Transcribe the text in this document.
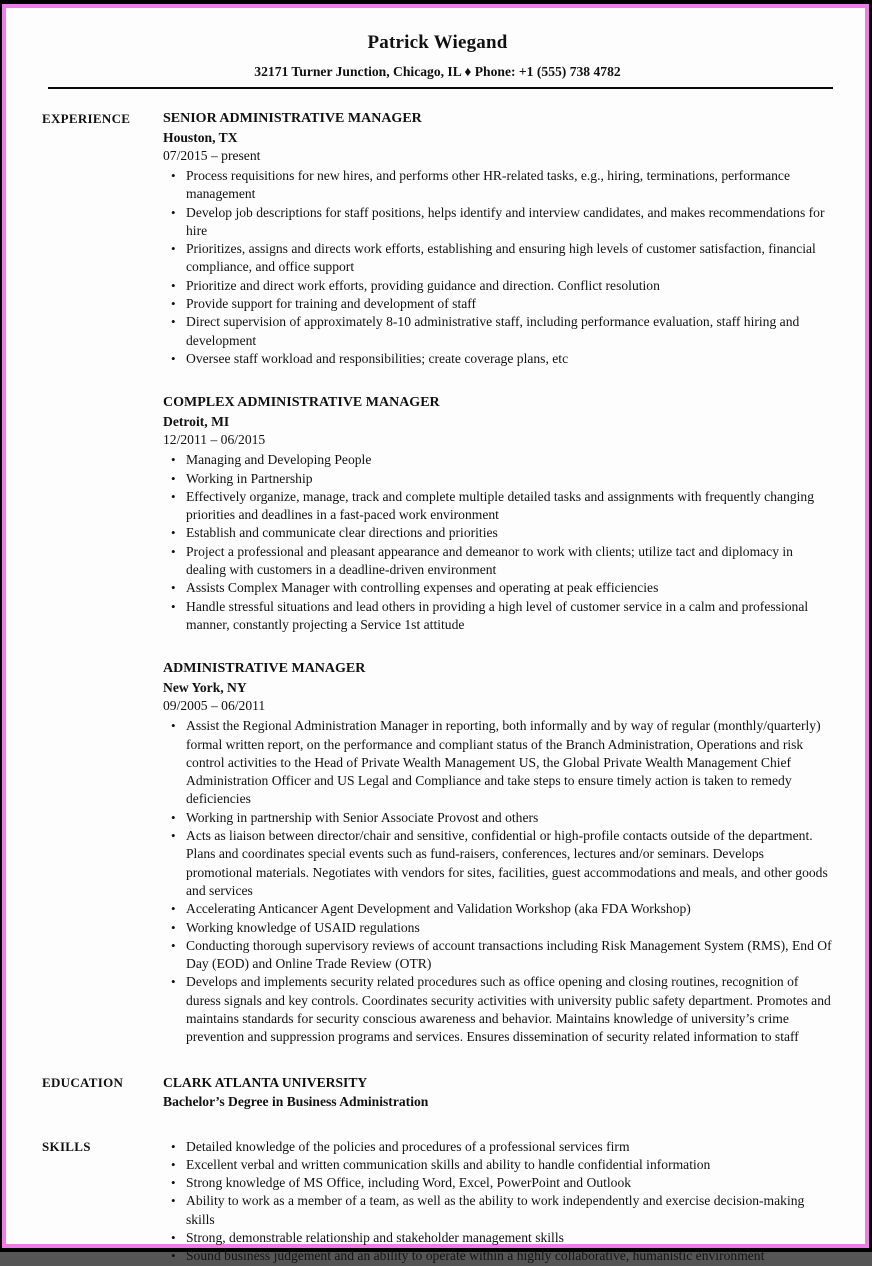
Patrick Wiegand
32171 Turner Junction, Chicago, IL ♦ Phone: +1 (555) 738 4782
EXPERIENCE	SENIOR ADMINISTRATIVE MANAGER
Houston, TX
07/2015 – present
• Process requisitions for new hires, and performs other HR-related tasks, e.g., hiring, terminations, performance management
• Develop job descriptions for staff positions, helps identify and interview candidates, and makes recommendations for hire
• Prioritizes, assigns and directs work efforts, establishing and ensuring high levels of customer satisfaction, financial compliance, and office support
• Prioritize and direct work efforts, providing guidance and direction. Conflict resolution
• Provide support for training and development of staff
• Direct supervision of approximately 8-10 administrative staff, including performance evaluation, staff hiring and development
• Oversee staff workload and responsibilities; create coverage plans, etc
COMPLEX ADMINISTRATIVE MANAGER
Detroit, MI
12/2011 – 06/2015
• Managing and Developing People
• Working in Partnership
• Effectively organize, manage, track and complete multiple detailed tasks and assignments with frequently changing priorities and deadlines in a fast-paced work environment
• Establish and communicate clear directions and priorities
• Project a professional and pleasant appearance and demeanor to work with clients; utilize tact and diplomacy in dealing with customers in a deadline-driven environment
• Assists Complex Manager with controlling expenses and operating at peak efficiencies
• Handle stressful situations and lead others in providing a high level of customer service in a calm and professional manner, constantly projecting a Service 1st attitude
ADMINISTRATIVE MANAGER
New York, NY
09/2005 – 06/2011
• Assist the Regional Administration Manager in reporting, both informally and by way of regular (monthly/quarterly) formal written report, on the performance and compliant status of the Branch Administration, Operations and risk control activities to the Head of Private Wealth Management US, the Global Private Wealth Management Chief Administration Officer and US Legal and Compliance and take steps to ensure timely action is taken to remedy deficiencies
• Working in partnership with Senior Associate Provost and others
• Acts as liaison between director/chair and sensitive, confidential or high-profile contacts outside of the department. Plans and coordinates special events such as fund-raisers, conferences, lectures and/or seminars. Develops promotional materials. Negotiates with vendors for sites, facilities, guest accommodations and meals, and other goods and services
• Accelerating Anticancer Agent Development and Validation Workshop (aka FDA Workshop)
• Working knowledge of USAID regulations
• Conducting thorough supervisory reviews of account transactions including Risk Management System (RMS), End Of Day (EOD) and Online Trade Review (OTR)
• Develops and implements security related procedures such as office opening and closing routines, recognition of duress signals and key controls. Coordinates security activities with university public safety department. Promotes and maintains standards for security conscious awareness and behavior. Maintains knowledge of university’s crime prevention and suppression programs and services. Ensures dissemination of security related information to staff
EDUCATION	CLARK ATLANTA UNIVERSITY
Bachelor’s Degree in Business Administration
SKILLS	• Detailed knowledge of the policies and procedures of a professional services firm
• Excellent verbal and written communication skills and ability to handle confidential information
• Strong knowledge of MS Office, including Word, Excel, PowerPoint and Outlook
• Ability to work as a member of a team, as well as the ability to work independently and exercise decision-making skills
• Strong, demonstrable relationship and stakeholder management skills
• Sound business judgement and an ability to operate within a highly collaborative, humanistic environment
